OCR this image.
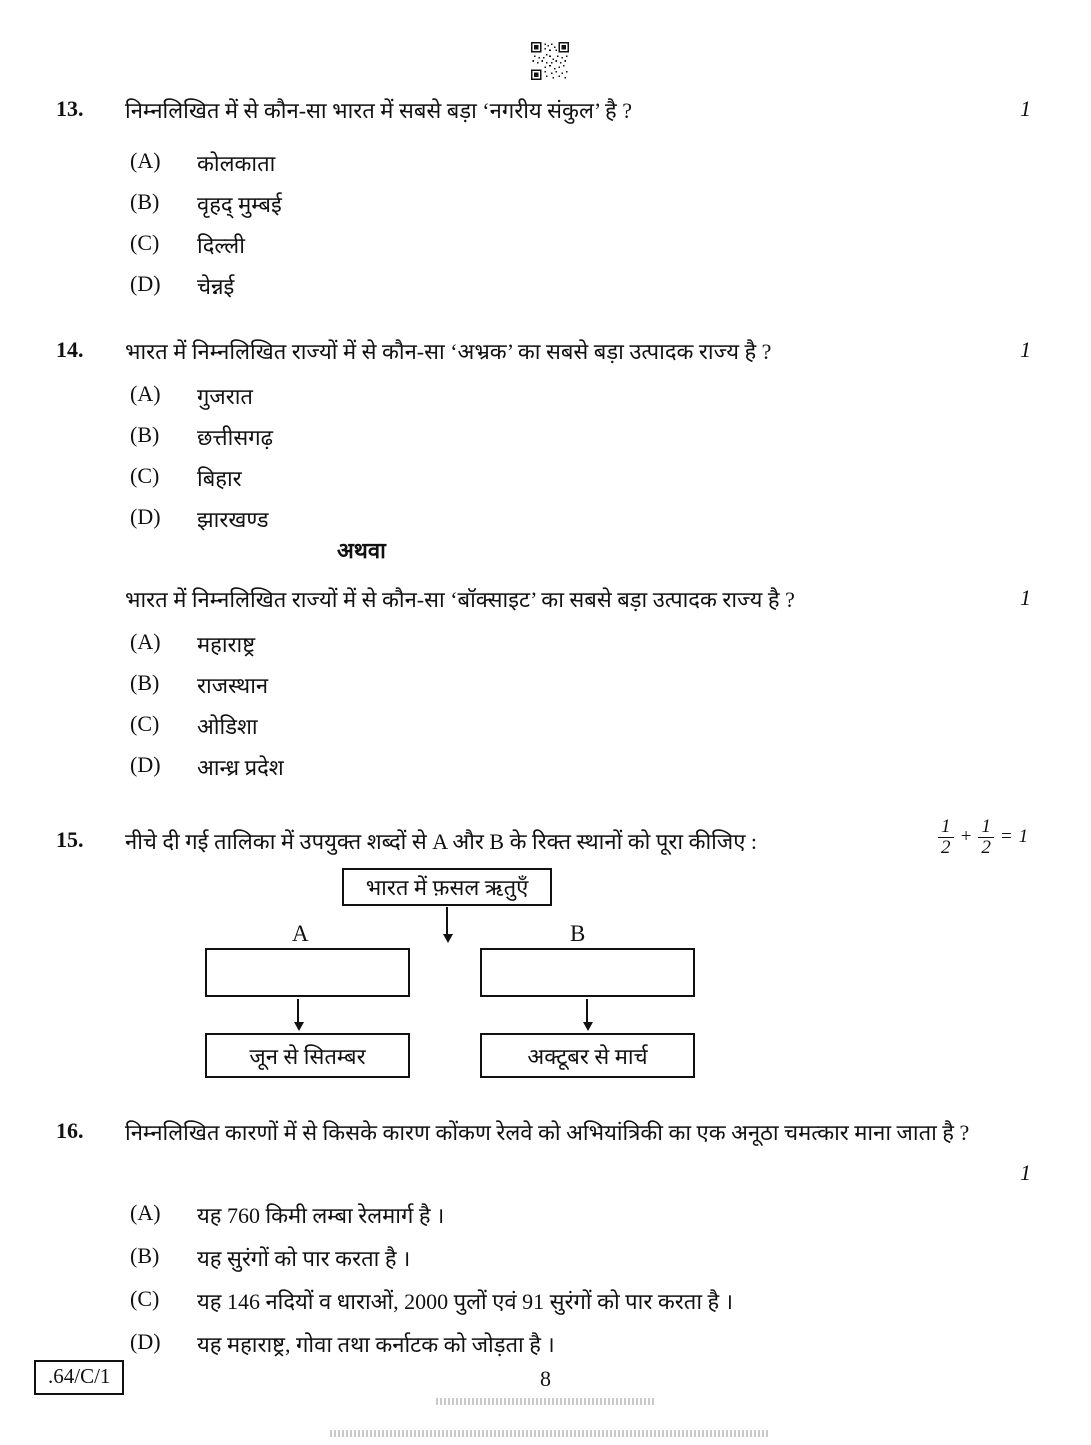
13. निम्नलिखित में से कौन-सा भारत में सबसे बड़ा ‘नगरीय संकुल’ है ?	1
(A)	कोलकाता
(B)	वृहद् मुम्बई
(C)	दिल्ली
(D)	चेन्नई
14. भारत में निम्नलिखित राज्यों में से कौन-सा ‘अभ्रक’ का सबसे बड़ा उत्पादक राज्य है ?	1
(A)	गुजरात
(B)	छत्तीसगढ़
(C)	बिहार
(D)	झारखण्ड
अथवा
भारत में निम्नलिखित राज्यों में से कौन-सा ‘बॉक्साइट’ का सबसे बड़ा उत्पादक राज्य है ?	1
(A)	महाराष्ट्र
(B)	राजस्थान
(C)	ओडिशा
(D)	आन्ध्र प्रदेश
15. नीचे दी गई तालिका में उपयुक्त शब्दों से A और B के रिक्त स्थानों को पूरा कीजिए :	$\frac{1}{2} + \frac{1}{2} = 1$
भारत में फ़सल ऋतुएँ
A	B
जून से सितम्बर	अक्टूबर से मार्च
16. निम्नलिखित कारणों में से किसके कारण कोंकण रेलवे को अभियांत्रिकी का एक अनूठा चमत्कार माना जाता है ?
1
(A)	यह 760 किमी लम्बा रेलमार्ग है ।
(B)	यह सुरंगों को पार करता है ।
(C)	यह 146 नदियों व धाराओं, 2000 पुलों एवं 91 सुरंगों को पार करता है ।
(D)	यह महाराष्ट्र, गोवा तथा कर्नाटक को जोड़ता है ।
.64/C/1	8
